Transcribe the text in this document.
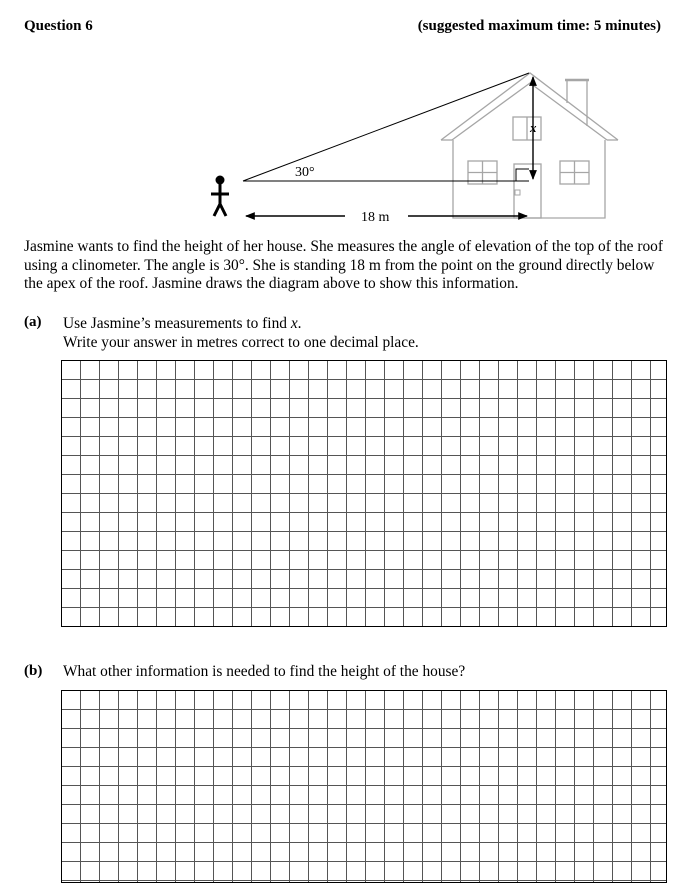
Question 6	(suggested maximum time: 5 minutes)
30°
18 m
x
Jasmine wants to find the height of her house. She measures the angle of elevation of the top of the roof using a clinometer. The angle is 30°. She is standing 18 m from the point on the ground directly below the apex of the roof. Jasmine draws the diagram above to show this information.
(a) Use Jasmine’s measurements to find x.
Write your answer in metres correct to one decimal place.
(b) What other information is needed to find the height of the house?
